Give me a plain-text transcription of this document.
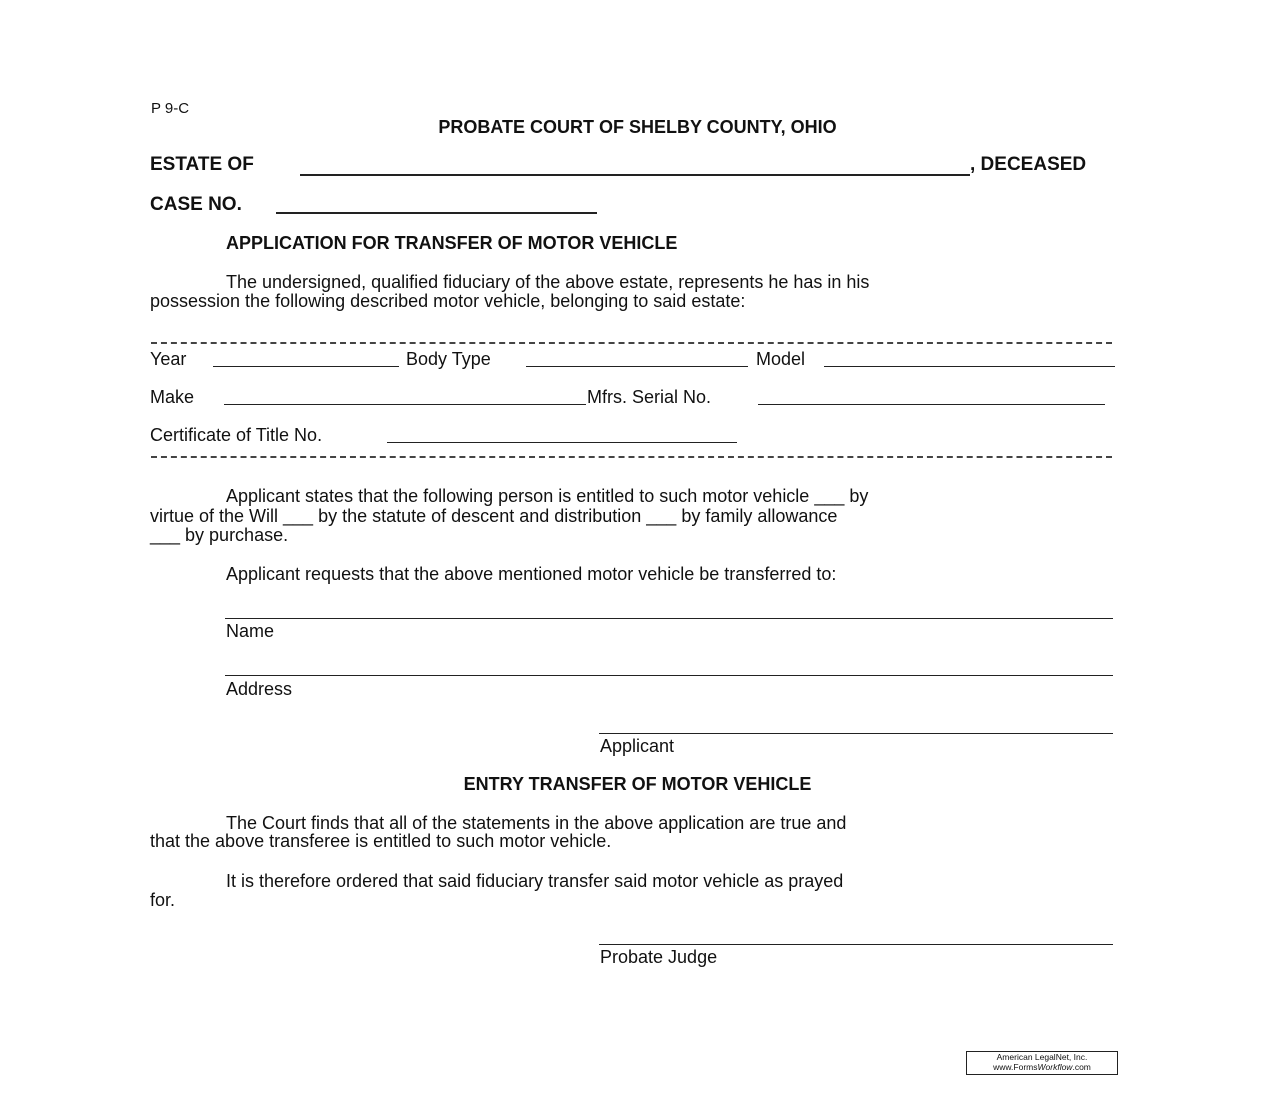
P 9-C
PROBATE COURT OF SHELBY COUNTY, OHIO
ESTATE OF	, DECEASED
CASE NO.
APPLICATION FOR TRANSFER OF MOTOR VEHICLE
The undersigned, qualified fiduciary of the above estate, represents he has in his
possession the following described motor vehicle, belonging to said estate:
Year	Body Type	Model
Make	Mfrs. Serial No.
Certificate of Title No.
Applicant states that the following person is entitled to such motor vehicle ___ by
virtue of the Will ___ by the statute of descent and distribution ___ by family allowance
___ by purchase.
Applicant requests that the above mentioned motor vehicle be transferred to:
Name
Address
Applicant
ENTRY TRANSFER OF MOTOR VEHICLE
The Court finds that all of the statements in the above application are true and
that the above transferee is entitled to such motor vehicle.
It is therefore ordered that said fiduciary transfer said motor vehicle as prayed
for.
Probate Judge
American LegalNet, Inc.
www.FormsWorkflow.com
